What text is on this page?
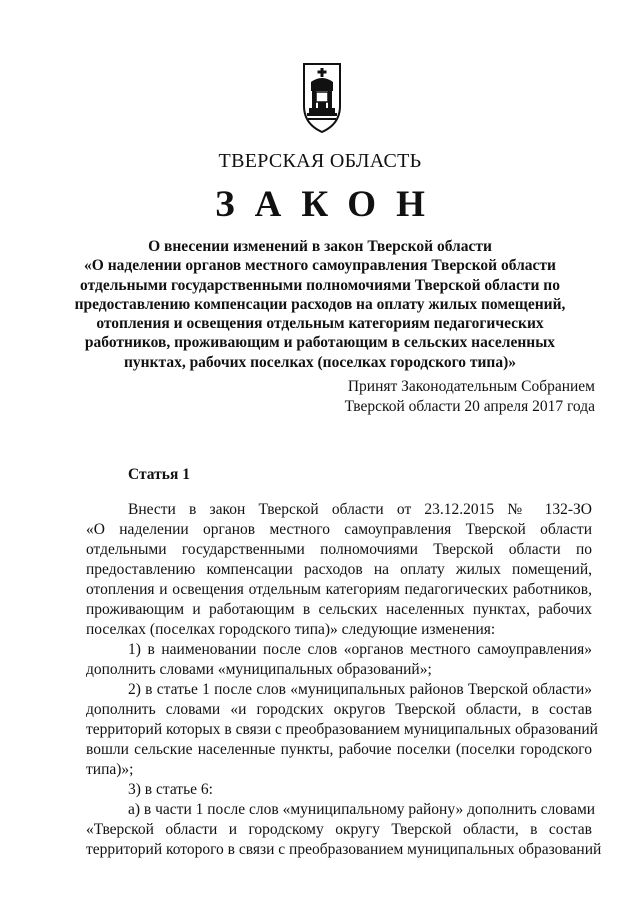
ТВЕРСКАЯ ОБЛАСТЬ
ЗАКОН
О внесении изменений в закон Тверской области
«О наделении органов местного самоуправления Тверской области
отдельными государственными полномочиями Тверской области по
предоставлению компенсации расходов на оплату жилых помещений,
отопления и освещения отдельным категориям педагогических
работников, проживающим и работающим в сельских населенных
пунктах, рабочих поселках (поселках городского типа)»
Принят Законодательным Собранием
Тверской области 20 апреля 2017 года
Статья 1
Внести в закон Тверской области от 23.12.2015 № 132-ЗО
«О наделении органов местного самоуправления Тверской области
отдельными государственными полномочиями Тверской области по
предоставлению компенсации расходов на оплату жилых помещений,
отопления и освещения отдельным категориям педагогических работников,
проживающим и работающим в сельских населенных пунктах, рабочих
поселках (поселках городского типа)» следующие изменения:
1) в наименовании после слов «органов местного самоуправления»
дополнить словами «муниципальных образований»;
2) в статье 1 после слов «муниципальных районов Тверской области»
дополнить словами «и городских округов Тверской области, в состав
территорий которых в связи с преобразованием муниципальных образований
вошли сельские населенные пункты, рабочие поселки (поселки городского
типа)»;
3) в статье 6:
а) в части 1 после слов «муниципальному району» дополнить словами
«Тверской области и городскому округу Тверской области, в состав
территорий которого в связи с преобразованием муниципальных образований
